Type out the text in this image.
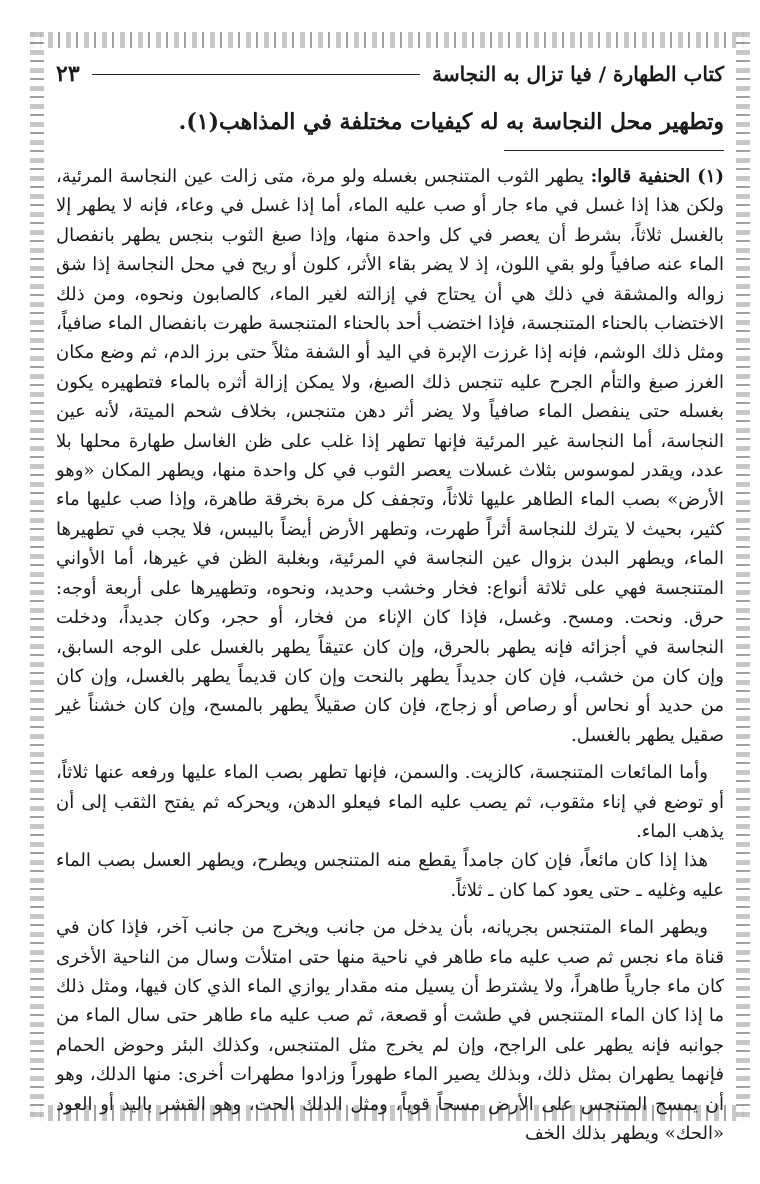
كتاب الطهارة / فيا تزال به النجاسة
٢٣
وتطهير محل النجاسة به له كيفيات مختلفة في المذاهب(١).

(١) الحنفية قالوا: يطهر الثوب المتنجس بغسله ولو مرة، متى زالت عين النجاسة المرئية، ولكن هذا إذا غسل في ماء جار أو صب عليه الماء، أما إذا غسل في وعاء، فإنه لا يطهر إلا بالغسل ثلاثاً، بشرط أن يعصر في كل واحدة منها، وإذا صبغ الثوب بنجس يطهر بانفصال الماء عنه صافياً ولو بقي اللون، إذ لا يضر بقاء الأثر، كلون أو ريح في محل النجاسة إذا شق زواله والمشقة في ذلك هي أن يحتاج في إزالته لغير الماء، كالصابون ونحوه، ومن ذلك الاختضاب بالحناء المتنجسة، فإذا اختضب أحد بالحناء المتنجسة طهرت بانفصال الماء صافياً، ومثل ذلك الوشم، فإنه إذا غرزت الإبرة في اليد أو الشفة مثلاً حتى برز الدم، ثم وضع مكان الغرز صبغ والتأم الجرح عليه تنجس ذلك الصبغ، ولا يمكن إزالة أثره بالماء فتطهيره يكون بغسله حتى ينفصل الماء صافياً ولا يضر أثر دهن متنجس، بخلاف شحم الميتة، لأنه عين النجاسة، أما النجاسة غير المرئية فإنها تطهر إذا غلب على ظن الغاسل طهارة محلها بلا عدد، ويقدر لموسوس بثلاث غسلات يعصر الثوب في كل واحدة منها، ويطهر المكان «وهو الأرض» بصب الماء الطاهر عليها ثلاثاً، وتجفف كل مرة بخرقة طاهرة، وإذا صب عليها ماء كثير، بحيث لا يترك للنجاسة أثراً طهرت، وتطهر الأرض أيضاً باليبس، فلا يجب في تطهيرها الماء، ويطهر البدن بزوال عين النجاسة في المرئية، وبغلبة الظن في غيرها، أما الأواني المتنجسة فهي على ثلاثة أنواع: فخار وخشب وحديد، ونحوه، وتطهيرها على أربعة أوجه: حرق. ونحت. ومسح. وغسل، فإذا كان الإناء من فخار، أو حجر، وكان جديداً، ودخلت النجاسة في أجزائه فإنه يطهر بالحرق، وإن كان عتيقاً يطهر بالغسل على الوجه السابق، وإن كان من خشب، فإن كان جديداً يطهر بالنحت وإن كان قديماً يطهر بالغسل، وإن كان من حديد أو نحاس أو رصاص أو زجاج، فإن كان صقيلاً يطهر بالمسح، وإن كان خشناً غير صقيل يطهر بالغسل.

وأما المائعات المتنجسة، كالزيت. والسمن، فإنها تطهر بصب الماء عليها ورفعه عنها ثلاثاً، أو توضع في إناء مثقوب، ثم يصب عليه الماء فيعلو الدهن، ويحركه ثم يفتح الثقب إلى أن يذهب الماء.

هذا إذا كان مائعاً، فإن كان جامداً يقطع منه المتنجس ويطرح، ويطهر العسل بصب الماء عليه وغليه ـ حتى يعود كما كان ـ ثلاثاً.

ويطهر الماء المتنجس بجريانه، بأن يدخل من جانب ويخرج من جانب آخر، فإذا كان في قناة ماء نجس ثم صب عليه ماء طاهر في ناحية منها حتى امتلأت وسال من الناحية الأخرى كان ماء جارياً طاهراً، ولا يشترط أن يسيل منه مقدار يوازي الماء الذي كان فيها، ومثل ذلك ما إذا كان الماء المتنجس في طشت أو قصعة، ثم صب عليه ماء طاهر حتى سال الماء من جوانبه فإنه يطهر على الراجح، وإن لم يخرج مثل المتنجس، وكذلك البئر وحوض الحمام فإنهما يطهران بمثل ذلك، وبذلك يصير الماء طهوراً وزادوا مطهرات أخرى: منها الدلك، وهو أن يمسح المتنجس على الأرض مسحاً قوياً، ومثل الدلك الحت، وهو القشر باليد أو العود «الحك» ويطهر بذلك الخف
